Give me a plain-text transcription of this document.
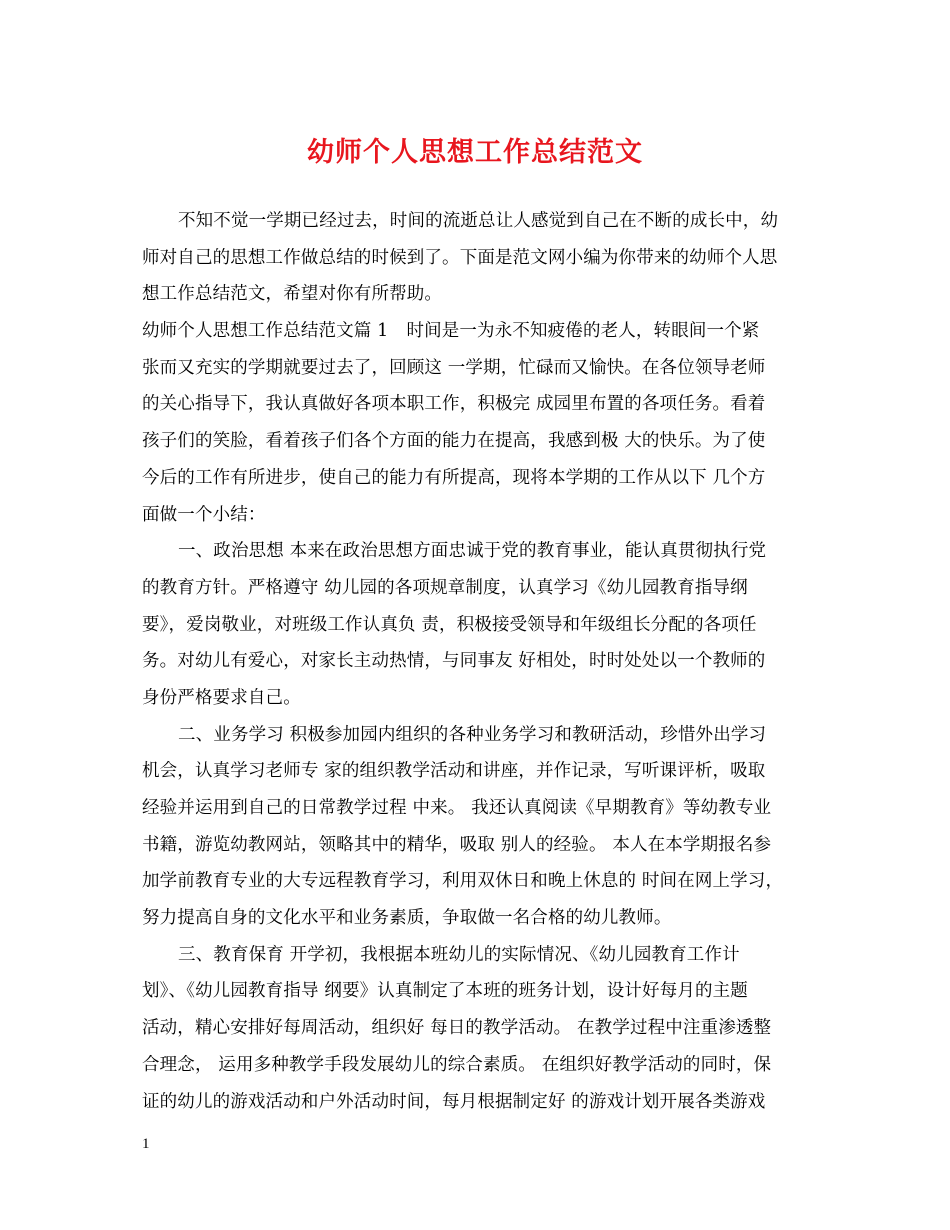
幼师个人思想工作总结范文
不知不觉一学期已经过去，时间的流逝总让人感觉到自己在不断的成长中，幼
师对自己的思想工作做总结的时候到了。下面是范文网小编为你带来的幼师个人思
想工作总结范文，希望对你有所帮助。
幼师个人思想工作总结范文篇 1 时间是一为永不知疲倦的老人，转眼间一个紧
张而又充实的学期就要过去了，回顾这 一学期，忙碌而又愉快。在各位领导老师
的关心指导下，我认真做好各项本职工作，积极完 成园里布置的各项任务。看着
孩子们的笑脸，看着孩子们各个方面的能力在提高，我感到极 大的快乐。为了使
今后的工作有所进步，使自己的能力有所提高，现将本学期的工作从以下 几个方
面做一个小结：
一、政治思想 本来在政治思想方面忠诚于党的教育事业，能认真贯彻执行党
的教育方针。严格遵守 幼儿园的各项规章制度，认真学习《幼儿园教育指导纲
要》，爱岗敬业，对班级工作认真负 责，积极接受领导和年级组长分配的各项任
务。对幼儿有爱心，对家长主动热情，与同事友 好相处，时时处处以一个教师的
身份严格要求自己。
二、业务学习 积极参加园内组织的各种业务学习和教研活动，珍惜外出学习
机会，认真学习老师专 家的组织教学活动和讲座，并作记录，写听课评析，吸取
经验并运用到自己的日常教学过程 中来。 我还认真阅读《早期教育》等幼教专业
书籍，游览幼教网站，领略其中的精华，吸取 别人的经验。 本人在本学期报名参
加学前教育专业的大专远程教育学习，利用双休日和晚上休息的 时间在网上学习，
努力提高自身的文化水平和业务素质，争取做一名合格的幼儿教师。
三、教育保育 开学初，我根据本班幼儿的实际情况、《幼儿园教育工作计
划》、《幼儿园教育指导 纲要》认真制定了本班的班务计划，设计好每月的主题
活动，精心安排好每周活动，组织好 每日的教学活动。 在教学过程中注重渗透整
合理念， 运用多种教学手段发展幼儿的综合素质。 在组织好教学活动的同时，保
证的幼儿的游戏活动和户外活动时间，每月根据制定好 的游戏计划开展各类游戏
1
